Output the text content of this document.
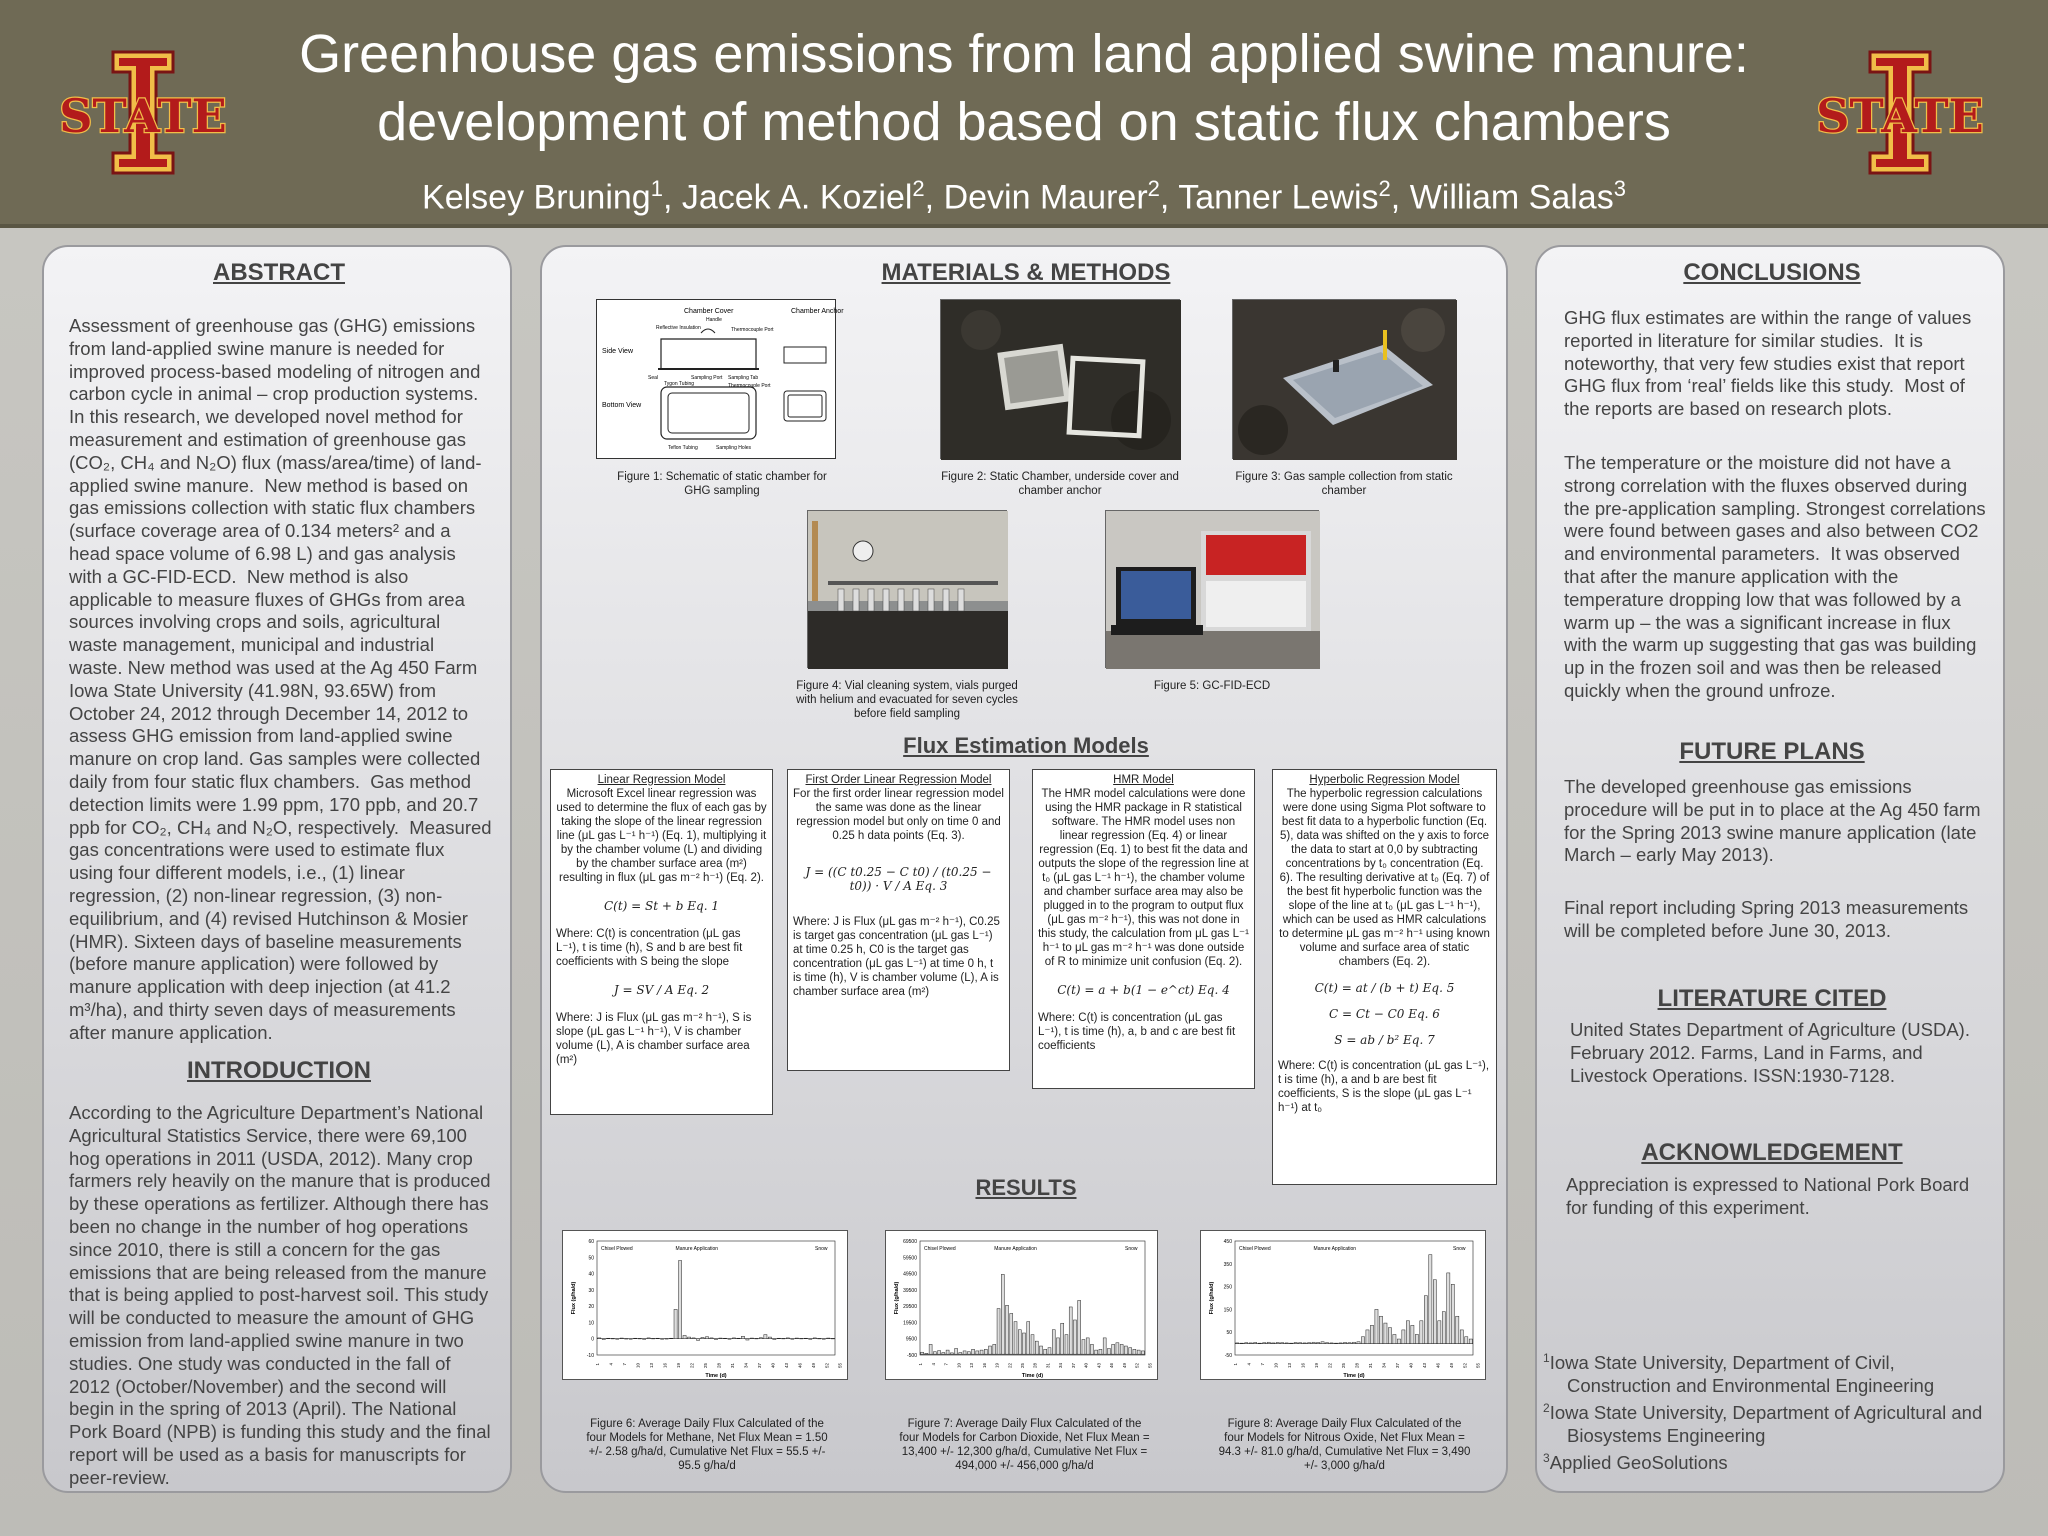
STATE
Greenhouse gas emissions from land applied swine manure:
development of method based on static flux chambers
Kelsey Bruning$^1$, Jacek A. Koziel$^2$, Devin Maurer$^2$, Tanner Lewis$^2$, William Salas$^3$
STATE
ABSTRACT
Assessment of greenhouse gas (GHG) emissions
from land-applied swine manure is needed for
improved process-based modeling of nitrogen and
carbon cycle in animal – crop production systems.
In this research, we developed novel method for
measurement and estimation of greenhouse gas
(CO₂, CH₄ and N₂O) flux (mass/area/time) of land-
applied swine manure.  New method is based on
gas emissions collection with static flux chambers
(surface coverage area of 0.134 meters² and a
head space volume of 6.98 L) and gas analysis
with a GC-FID-ECD.  New method is also
applicable to measure fluxes of GHGs from area
sources involving crops and soils, agricultural
waste management, municipal and industrial
waste. New method was used at the Ag 450 Farm
Iowa State University (41.98N, 93.65W) from
October 24, 2012 through December 14, 2012 to
assess GHG emission from land-applied swine
manure on crop land. Gas samples were collected
daily from four static flux chambers.  Gas method
detection limits were 1.99 ppm, 170 ppb, and 20.7
ppb for CO₂, CH₄ and N₂O, respectively.  Measured
gas concentrations were used to estimate flux
using four different models, i.e., (1) linear
regression, (2) non-linear regression, (3) non-
equilibrium, and (4) revised Hutchinson & Mosier
(HMR). Sixteen days of baseline measurements
(before manure application) were followed by
manure application with deep injection (at 41.2
m³/ha), and thirty seven days of measurements
after manure application.
INTRODUCTION
According to the Agriculture Department’s National
Agricultural Statistics Service, there were 69,100
hog operations in 2011 (USDA, 2012). Many crop
farmers rely heavily on the manure that is produced
by these operations as fertilizer. Although there has
been no change in the number of hog operations
since 2010, there is still a concern for the gas
emissions that are being released from the manure
that is being applied to post-harvest soil. This study
will be conducted to measure the amount of GHG
emission from land-applied swine manure in two
studies. One study was conducted in the fall of
2012 (October/November) and the second will
begin in the spring of 2013 (April). The National
Pork Board (NPB) is funding this study and the final
report will be used as a basis for manuscripts for
peer-review.
MATERIALS & METHODS
Chamber Cover	Chamber Anchor
Side View
Bottom View
Reflective Insulation
Handle
Thermocouple Port
Seal	Sampling Port Sampling Tab
Thermocouple Port
Tygon Tubing
Teflon Tubing	Sampling Holes
Figure 1: Schematic of static chamber for GHG sampling
Figure 2: Static Chamber, underside cover and chamber anchor
Figure 3: Gas sample collection from static chamber
Figure 4: Vial cleaning system, vials purged with helium and evacuated for seven cycles before field sampling
Figure 5: GC-FID-ECD
Flux Estimation Models
Linear Regression Model
Microsoft Excel linear regression was used to determine the flux of each gas by taking the slope of the linear regression line (μL gas L⁻¹ h⁻¹) (Eq. 1), multiplying it by the chamber volume (L) and dividing by the chamber surface area (m²) resulting in flux (μL gas m⁻² h⁻¹) (Eq. 2).
C(t) = St + b Eq. 1
Where: C(t) is concentration (μL gas L⁻¹), t is time (h), S and b are best fit coefficients with S being the slope
J = SV / A Eq. 2
Where: J is Flux (μL gas m⁻² h⁻¹), S is slope (μL gas L⁻¹ h⁻¹), V is chamber volume (L), A is chamber surface area (m²)
First Order Linear Regression Model
For the first order linear regression model the same was done as the linear regression model but only on time 0 and 0.25 h data points (Eq. 3).
J = ((C t0.25 − C t0) / (t0.25 − t0)) · V / A Eq. 3
Where: J is Flux (μL gas m⁻² h⁻¹), C0.25 is target gas concentration (μL gas L⁻¹) at time 0.25 h, C0 is the target gas concentration (μL gas L⁻¹) at time 0 h, t is time (h), V is chamber volume (L), A is chamber surface area (m²)
HMR Model
The HMR model calculations were done using the HMR package in R statistical software. The HMR model uses non linear regression (Eq. 4) or linear regression (Eq. 1) to best fit the data and outputs the slope of the regression line at t₀ (μL gas L⁻¹ h⁻¹), the chamber volume and chamber surface area may also be plugged in to the program to output flux (μL gas m⁻² h⁻¹), this was not done in this study, the calculation from μL gas L⁻¹ h⁻¹ to μL gas m⁻² h⁻¹ was done outside of R to minimize unit confusion (Eq. 2).
C(t) = a + b(1 − e^ct) Eq. 4
Where: C(t) is concentration (μL gas L⁻¹), t is time (h), a, b and c are best fit coefficients
Hyperbolic Regression Model
The hyperbolic regression calculations were done using Sigma Plot software to best fit data to a hyperbolic function (Eq. 5), data was shifted on the y axis to force the data to start at 0,0 by subtracting concentrations by t₀ concentration (Eq. 6). The resulting derivative at t₀ (Eq. 7) of the best fit hyperbolic function was the slope of the line at t₀ (μL gas L⁻¹ h⁻¹), which can be used as HMR calculations to determine μL gas m⁻² h⁻¹ using known volume and surface area of static chambers (Eq. 2).
C(t) = at / (b + t) Eq. 5
C = Ct − C0 Eq. 6
S = ab / b² Eq. 7
Where: C(t) is concentration (μL gas L⁻¹), t is time (h), a and b are best fit coefficients, S is the slope (μL gas L⁻¹ h⁻¹) at t₀
RESULTS
-10
0
10
20
30
40
50
60
1 4 7 10 13 16 19 22 25 28 31 34 37 40 43 46 49 52 55
Time (d)
Flux (g/ha/d)
Chisel Plowed	Manure Application	Snow
-500
9500
19500
29500
39500
49500
59500
69500
1 4 7 10 13 16 19 22 25 28 31 34 37 40 43 46 49 52 55
Time (d)
Flux (g/ha/d)
Chisel Plowed	Manure Application	Snow
-50
50
150
250
350
450
1 4 7 10 13 16 19 22 25 28 31 34 37 40 43 46 49 52 55
Time (d)
Flux (g/ha/d)
Chisel Plowed	Manure Application	Snow
Figure 6: Average Daily Flux Calculated of the four Models for Methane, Net Flux Mean = 1.50 +/- 2.58 g/ha/d, Cumulative Net Flux = 55.5 +/- 95.5 g/ha/d
Figure 7: Average Daily Flux Calculated of the four Models for Carbon Dioxide, Net Flux Mean = 13,400 +/- 12,300 g/ha/d, Cumulative Net Flux = 494,000 +/- 456,000 g/ha/d
Figure 8: Average Daily Flux Calculated of the four Models for Nitrous Oxide, Net Flux Mean = 94.3 +/- 81.0 g/ha/d, Cumulative Net Flux = 3,490 +/- 3,000 g/ha/d
CONCLUSIONS
GHG flux estimates are within the range of values
reported in literature for similar studies.  It is
noteworthy, that very few studies exist that report
GHG flux from ‘real’ fields like this study.  Most of
the reports are based on research plots.
The temperature or the moisture did not have a
strong correlation with the fluxes observed during
the pre-application sampling. Strongest correlations
were found between gases and also between CO2
and environmental parameters.  It was observed
that after the manure application with the
temperature dropping low that was followed by a
warm up – the was a significant increase in flux
with the warm up suggesting that gas was building
up in the frozen soil and was then be released
quickly when the ground unfroze.
FUTURE PLANS
The developed greenhouse gas emissions
procedure will be put in to place at the Ag 450 farm
for the Spring 2013 swine manure application (late
March – early May 2013).
Final report including Spring 2013 measurements
will be completed before June 30, 2013.
LITERATURE CITED
United States Department of Agriculture (USDA).
February 2012. Farms, Land in Farms, and
Livestock Operations. ISSN:1930-7128.
ACKNOWLEDGEMENT
Appreciation is expressed to National Pork Board
for funding of this experiment.
$^1$Iowa State University, Department of Civil,
Construction and Environmental Engineering
$^2$Iowa State University, Department of Agricultural and
Biosystems Engineering
$^3$Applied GeoSolutions
